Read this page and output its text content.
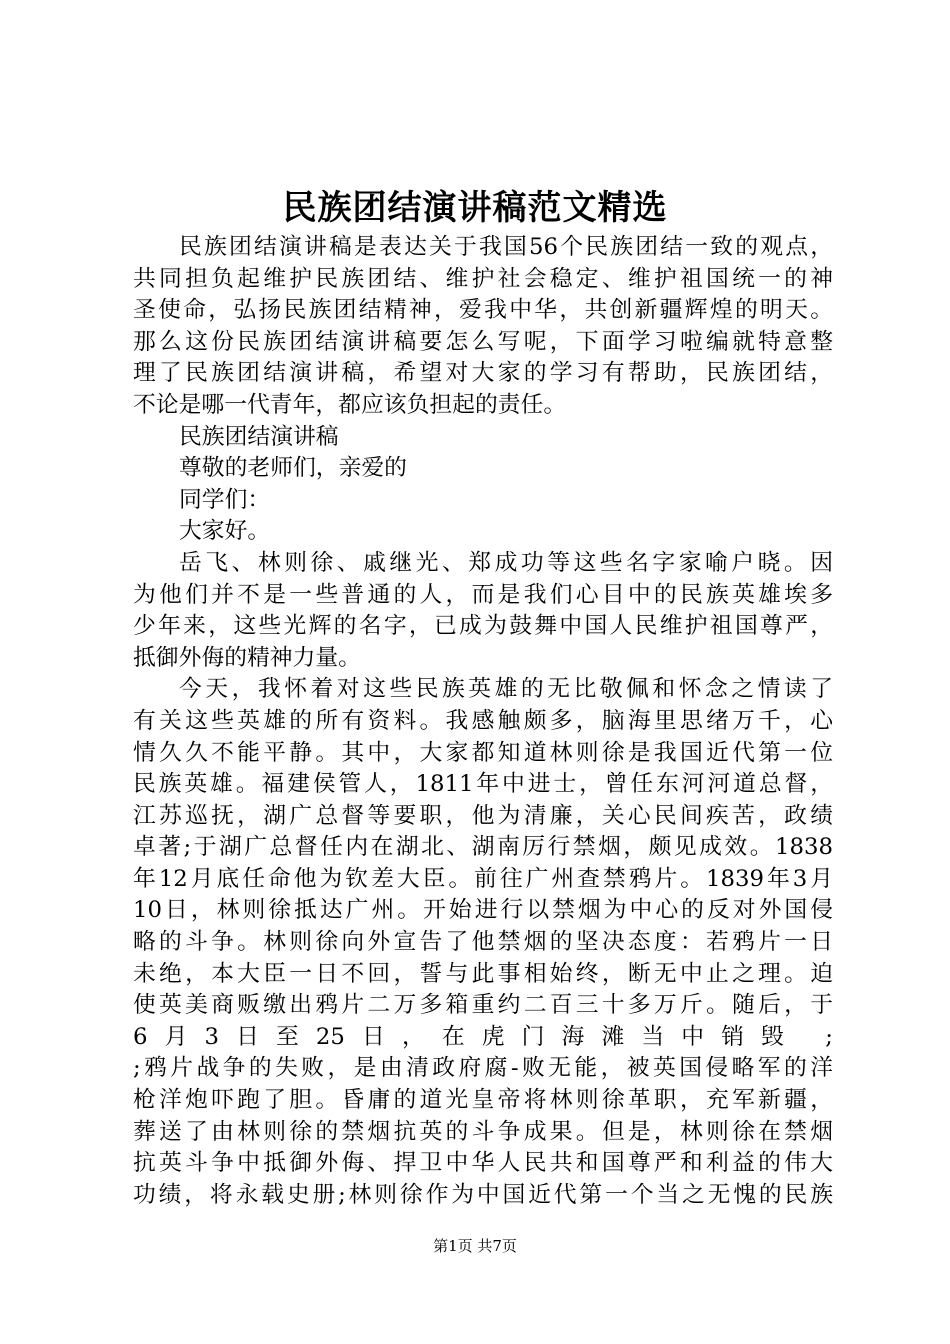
民族团结演讲稿范文精选
民族团结演讲稿是表达关于我国56个民族团结一致的观点，
共同担负起维护民族团结、维护社会稳定、维护祖国统一的神
圣使命，弘扬民族团结精神，爱我中华，共创新疆辉煌的明天。
那么这份民族团结演讲稿要怎么写呢，下面学习啦编就特意整
理了民族团结演讲稿，希望对大家的学习有帮助，民族团结，
不论是哪一代青年，都应该负担起的责任。
民族团结演讲稿
尊敬的老师们，亲爱的
同学们：
大家好。
岳飞、林则徐、戚继光、郑成功等这些名字家喻户晓。因
为他们并不是一些普通的人，而是我们心目中的民族英雄埃多
少年来，这些光辉的名字，已成为鼓舞中国人民维护祖国尊严，
抵御外侮的精神力量。
今天，我怀着对这些民族英雄的无比敬佩和怀念之情读了
有关这些英雄的所有资料。我感触颇多，脑海里思绪万千，心
情久久不能平静。其中，大家都知道林则徐是我国近代第一位
民族英雄。福建侯管人，1811年中进士，曾任东河河道总督，
江苏巡抚，湖广总督等要职，他为清廉，关心民间疾苦，政绩
卓著;于湖广总督任内在湖北、湖南厉行禁烟，颇见成效。1838
年12月底任命他为钦差大臣。前往广州查禁鸦片。1839年3月
10日，林则徐抵达广州。开始进行以禁烟为中心的反对外国侵
略的斗争。林则徐向外宣告了他禁烟的坚决态度：若鸦片一日
未绝，本大臣一日不回，誓与此事相始终，断无中止之理。迫
使英美商贩缴出鸦片二万多箱重约二百三十多万斤。随后，于
6月3日至25日，在虎门海滩当中销毁 ;
;鸦片战争的失败，是由清政府腐-败无能，被英国侵略军的洋
枪洋炮吓跑了胆。昏庸的道光皇帝将林则徐革职，充军新疆，
葬送了由林则徐的禁烟抗英的斗争成果。但是，林则徐在禁烟
抗英斗争中抵御外侮、捍卫中华人民共和国尊严和利益的伟大
功绩，将永载史册;林则徐作为中国近代第一个当之无愧的民族
第1页 共7页
